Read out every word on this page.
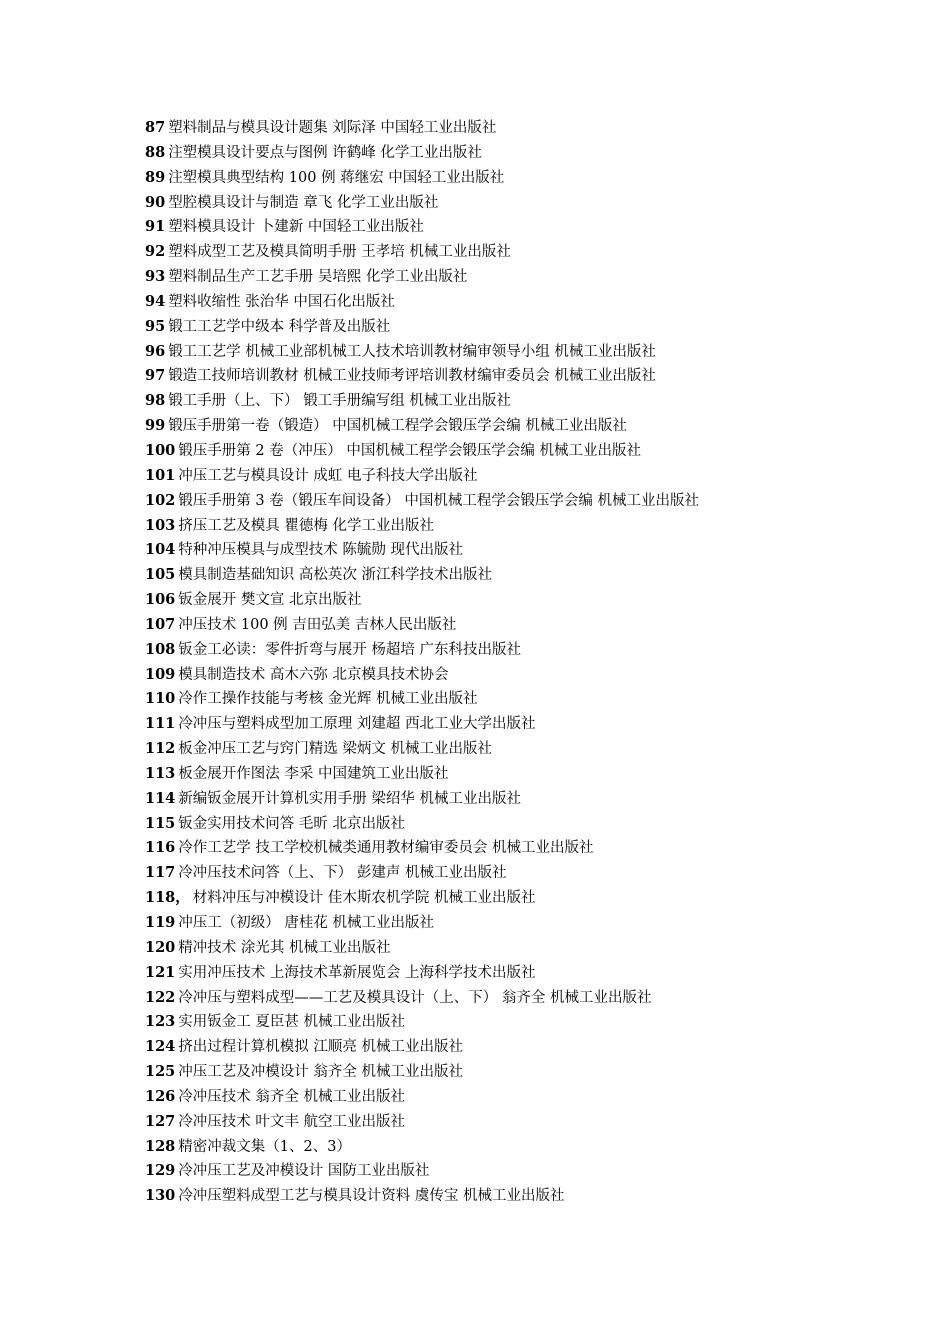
87 塑料制品与模具设计题集 刘际泽 中国轻工业出版社
88 注塑模具设计要点与图例 许鹤峰 化学工业出版社
89 注塑模具典型结构 100 例 蒋继宏 中国轻工业出版社
90 型腔模具设计与制造 章飞 化学工业出版社
91 塑料模具设计 卜建新 中国轻工业出版社
92 塑料成型工艺及模具简明手册 王孝培 机械工业出版社
93 塑料制品生产工艺手册 吴培熙 化学工业出版社
94 塑料收缩性 张治华 中国石化出版社
95 锻工工艺学中级本 科学普及出版社
96 锻工工艺学 机械工业部机械工人技术培训教材编审领导小组 机械工业出版社
97 锻造工技师培训教材 机械工业技师考评培训教材编审委员会 机械工业出版社
98 锻工手册（上、下） 锻工手册编写组 机械工业出版社
99 锻压手册第一卷（锻造） 中国机械工程学会锻压学会编 机械工业出版社
100 锻压手册第 2 卷（冲压） 中国机械工程学会锻压学会编 机械工业出版社
101 冲压工艺与模具设计 成虹 电子科技大学出版社
102 锻压手册第 3 卷（锻压车间设备） 中国机械工程学会锻压学会编 机械工业出版社
103 挤压工艺及模具 瞿德梅 化学工业出版社
104 特种冲压模具与成型技术 陈毓勋 现代出版社
105 模具制造基础知识 高松英次 浙江科学技术出版社
106 钣金展开 樊文宣 北京出版社
107 冲压技术 100 例 吉田弘美 吉林人民出版社
108 钣金工必读：零件折弯与展开 杨超培 广东科技出版社
109 模具制造技术 高木六弥 北京模具技术协会
110 冷作工操作技能与考核 金光辉 机械工业出版社
111 冷冲压与塑料成型加工原理 刘建超 西北工业大学出版社
112 板金冲压工艺与窍门精选 梁炳文 机械工业出版社
113 板金展开作图法 李采 中国建筑工业出版社
114 新编钣金展开计算机实用手册 梁绍华 机械工业出版社
115 钣金实用技术问答 毛昕 北京出版社
116 冷作工艺学 技工学校机械类通用教材编审委员会 机械工业出版社
117 冷冲压技术问答（上、下） 彭建声 机械工业出版社
118， 材料冲压与冲模设计 佳木斯农机学院 机械工业出版社
119 冲压工（初级） 唐桂花 机械工业出版社
120 精冲技术 涂光其 机械工业出版社
121 实用冲压技术 上海技术革新展览会 上海科学技术出版社
122 冷冲压与塑料成型——工艺及模具设计（上、下） 翁齐全 机械工业出版社
123 实用钣金工 夏臣甚 机械工业出版社
124 挤出过程计算机模拟 江顺亮 机械工业出版社
125 冲压工艺及冲模设计 翁齐全 机械工业出版社
126 冷冲压技术 翁齐全 机械工业出版社
127 冷冲压技术 叶文丰 航空工业出版社
128 精密冲裁文集（1、2、3）
129 冷冲压工艺及冲模设计 国防工业出版社
130 冷冲压塑料成型工艺与模具设计资料 虞传宝 机械工业出版社
